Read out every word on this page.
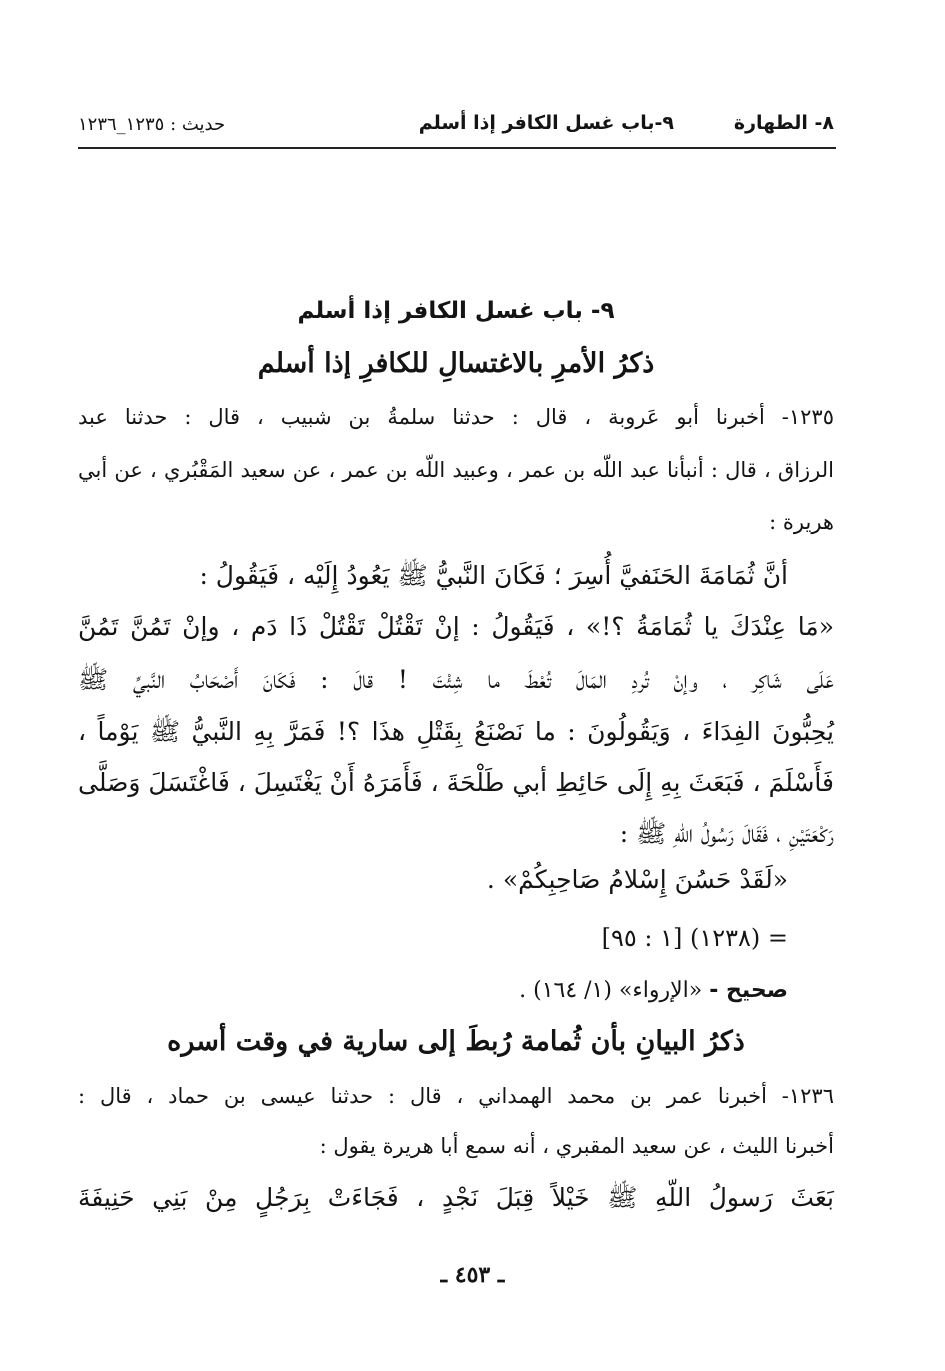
٨- الطهارة
٩-باب غسل الكافر إذا أسلم
حديث : ١٢٣٥_١٢٣٦
٩- باب غسل الكافر إذا أسلم
ذكرُ الأمرِ بالاغتسالِ للكافرِ إذا أسلم
١٢٣٥- أخبرنا أبو عَروبة ، قال : حدثنا سلمةُ بن شبيب ، قال : حدثنا عبد
الرزاق ، قال : أنبأنا عبد اللّه بن عمر ، وعبيد اللّه بن عمر ، عن سعيد المَقْبُري ، عن أبي
هريرة :
أنَّ ثُمَامَةَ الحَنَفيَّ أُسِرَ ؛ فَكَانَ النَّبيُّ ﷺ يَعُودُ إِلَيْه ، فَيَقُولُ :
«مَا عِنْدَكَ يا ثُمَامَةُ ؟!» ، فَيَقُولُ : إنْ تَقْتُلْ تَقْتُلْ ذَا دَم ، وإنْ تَمُنَّ تَمُنَّ
عَلَى شَاكِر ، وإنْ تُردِ المَالَ تُعْطَ ما شِئْتَ ! قالَ : فَكَانَ أَصْحَابُ النَّبيِّ ﷺ
يُحِبُّونَ الفِدَاءَ ، وَيَقُولُونَ : ما نَصْنَعُ بِقَتْلِ هذَا ؟! فَمَرَّ بِهِ النَّبيُّ ﷺ يَوْماً ،
فَأَسْلَمَ ، فَبَعَثَ بِهِ إِلَى حَائِطِ أبي طَلْحَةَ ، فَأَمَرَهُ أَنْ يَغْتَسِلَ ، فَاغْتَسَلَ وَصَلَّى
رَكْعَتَيْنِ ، فَقَالَ رَسُولُ اللّهِ ﷺ :
«لَقَدْ حَسُنَ إِسْلامُ صَاحِبِكُمْ» .
= (١٢٣٨) [١ : ٩٥]
صحيح - «الإرواء» (١/ ١٦٤) .
ذكرُ البيانِ بأن ثُمامة رُبطَ إلى سارية في وقت أسره
١٢٣٦- أخبرنا عمر بن محمد الهمداني ، قال : حدثنا عيسى بن حماد ، قال :
أخبرنا الليث ، عن سعيد المقبري ، أنه سمع أبا هريرة يقول :
بَعَثَ رَسولُ اللّهِ ﷺ خَيْلاً قِبَلَ نَجْدٍ ، فَجَاءَتْ بِرَجُلٍ مِنْ بَنِي حَنِيفَةَ
ـ ٤٥٣ ـ
